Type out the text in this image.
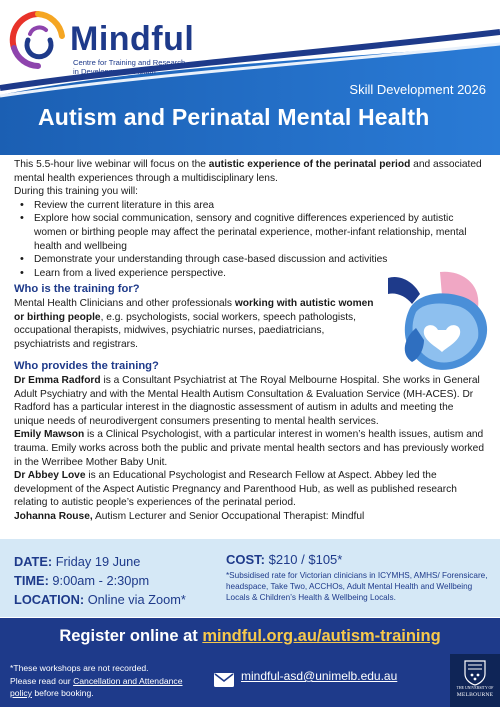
Mindful
Centre for Training and Research
in Developmental Health
Skill Development 2026
Autism and Perinatal Mental Health
This 5.5-hour live webinar will focus on the autistic experience of the perinatal period and associated mental health experiences through a multidisciplinary lens.
During this training you will:
• Review the current literature in this area
• Explore how social communication, sensory and cognitive differences experienced by autistic women or birthing people may affect the perinatal experience, mother-infant relationship, mental health and wellbeing
• Demonstrate your understanding through case-based discussion and activities
• Learn from a lived experience perspective.
Who is the training for?
Mental Health Clinicians and other professionals working with autistic women or birthing people, e.g. psychologists, social workers, speech pathologists, occupational therapists, midwives, psychiatric nurses, paediatricians, psychiatrists and registrars.
Who provides the training?

Dr Emma Radford is a Consultant Psychiatrist at The Royal Melbourne Hospital. She works in General Adult Psychiatry and with the Mental Health Autism Consultation & Evaluation Service (MH-ACES). Dr Radford has a particular interest in the diagnostic assessment of autism in adults and meeting the unique needs of neurodivergent consumers presenting to mental health services.

Emily Mawson is a Clinical Psychologist, with a particular interest in women’s health issues, autism and trauma. Emily works across both the public and private mental health sectors and has previously worked in the Werribee Mother Baby Unit.

Dr Abbey Love is an Educational Psychologist and Research Fellow at Aspect. Abbey led the development of the Aspect Autistic Pregnancy and Parenthood Hub, as well as published research relating to autistic people’s experiences of the perinatal period.

Johanna Rouse, Autism Lecturer and Senior Occupational Therapist: Mindful

DATE: Friday 19 June
TIME: 9:00am - 2:30pm
LOCATION: Online via Zoom*
COST: $210 / $105*
*Subsidised rate for Victorian clinicians in ICYMHS, AMHS/ Forensicare, headspace, Take Two, ACCHOs, Adult Mental Health and Wellbeing Locals & Children’s Health & Wellbeing Locals.
Register online at mindful.org.au/autism-training
*These workshops are not recorded.
Please read our Cancellation and Attendance policy before booking.
mindful-asd@unimelb.edu.au
THE UNIVERSITY OF
MELBOURNE
